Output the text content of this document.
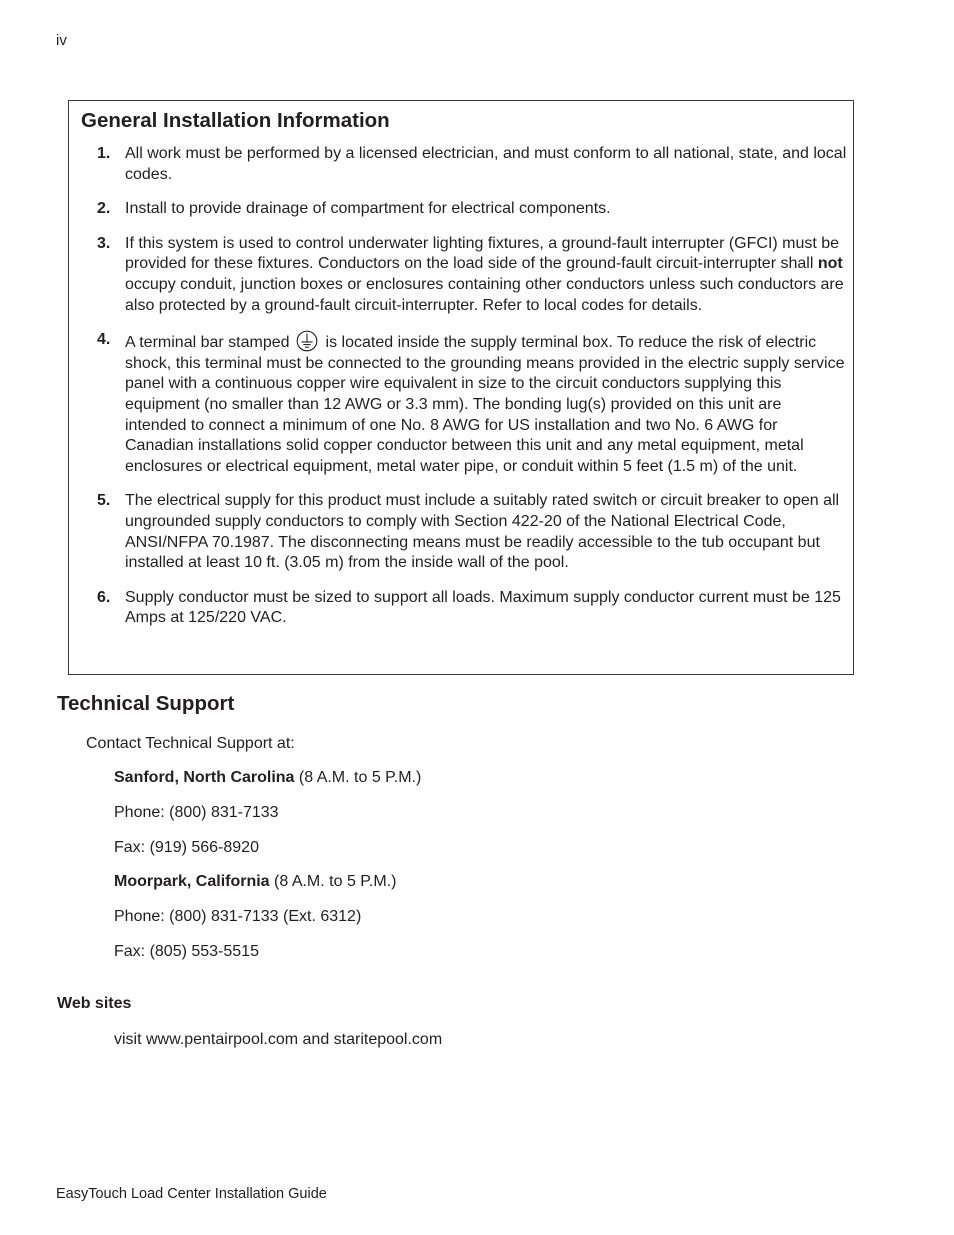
iv
General Installation Information
1. All work must be performed by a licensed electrician, and must conform to all national, state, and local codes.
2. Install to provide drainage of compartment for electrical components.
3. If this system is used to control underwater lighting fixtures, a ground-fault interrupter (GFCI) must be provided for these fixtures. Conductors on the load side of the ground-fault circuit-interrupter shall not occupy conduit, junction boxes or enclosures containing other conductors unless such conductors are also protected by a ground-fault circuit-interrupter. Refer to local codes for details.
4. A terminal bar stamped is located inside the supply terminal box. To reduce the risk of electric shock, this terminal must be connected to the grounding means provided in the electric supply service panel with a continuous copper wire equivalent in size to the circuit conductors supplying this equipment (no smaller than 12 AWG or 3.3 mm). The bonding lug(s) provided on this unit are intended to connect a minimum of one No. 8 AWG for US installation and two No. 6 AWG for Canadian installations solid copper conductor between this unit and any metal equipment, metal enclosures or electrical equipment, metal water pipe, or conduit within 5 feet (1.5 m) of the unit.
5. The electrical supply for this product must include a suitably rated switch or circuit breaker to open all ungrounded supply conductors to comply with Section 422-20 of the National Electrical Code, ANSI/NFPA 70.1987. The disconnecting means must be readily accessible to the tub occupant but installed at least 10 ft. (3.05 m) from the inside wall of the pool.
6. Supply conductor must be sized to support all loads. Maximum supply conductor current must be 125 Amps at 125/220 VAC.
Technical Support
Contact Technical Support at:
Sanford, North Carolina (8 A.M. to 5 P.M.)
Phone: (800) 831-7133
Fax: (919) 566-8920
Moorpark, California (8 A.M. to 5 P.M.)
Phone: (800) 831-7133 (Ext. 6312)
Fax: (805) 553-5515
Web sites
visit www.pentairpool.com and staritepool.com
EasyTouch Load Center Installation Guide
